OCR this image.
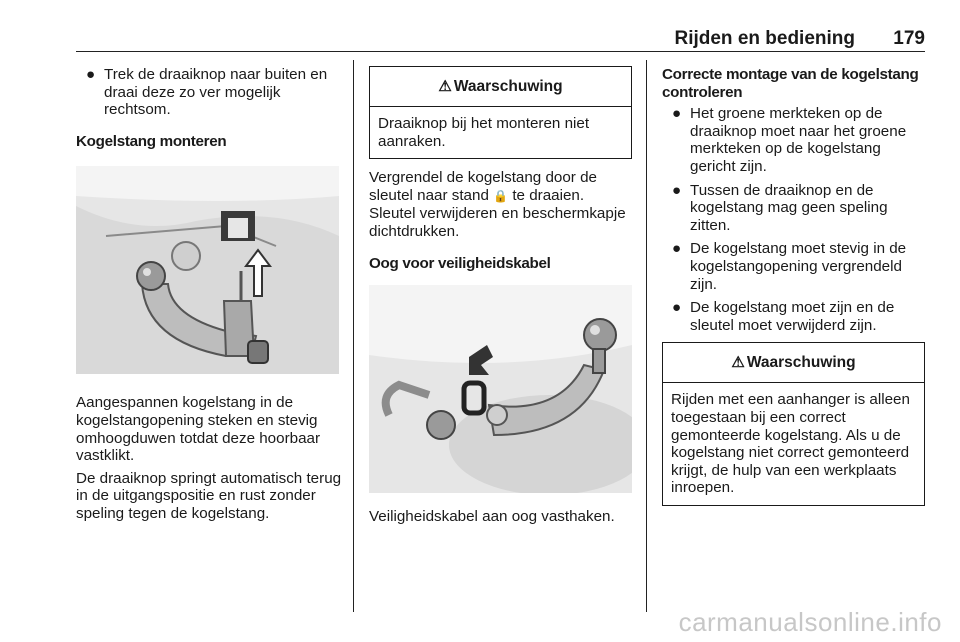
Rijden en bediening 179
● Trek de draaiknop naar buiten en draai deze zo ver mogelijk rechtsom.
Kogelstang monteren

Aangespannen kogelstang in de kogelstangopening steken en stevig omhoogduwen totdat deze hoorbaar vastklikt.

De draaiknop springt automatisch terug in de uitgangspositie en rust zonder speling tegen de kogelstang.

⚠ Waarschuwing
Draaiknop bij het monteren niet aanraken.

Vergrendel de kogelstang door de sleutel naar stand 🔒 te draaien. Sleutel verwijderen en beschermkapje dichtdrukken.

Oog voor veiligheidskabel

Veiligheidskabel aan oog vasthaken.

Correcte montage van de kogelstang controleren
● Het groene merkteken op de draaiknop moet naar het groene merkteken op de kogelstang gericht zijn.
● Tussen de draaiknop en de kogelstang mag geen speling zitten.
● De kogelstang moet stevig in de kogelstangopening vergrendeld zijn.
● De kogelstang moet zijn en de sleutel moet verwijderd zijn.
⚠ Waarschuwing
Rijden met een aanhanger is alleen toegestaan bij een correct gemonteerde kogelstang. Als u de kogelstang niet correct gemonteerd krijgt, de hulp van een werkplaats inroepen.
carmanualsonline.info
